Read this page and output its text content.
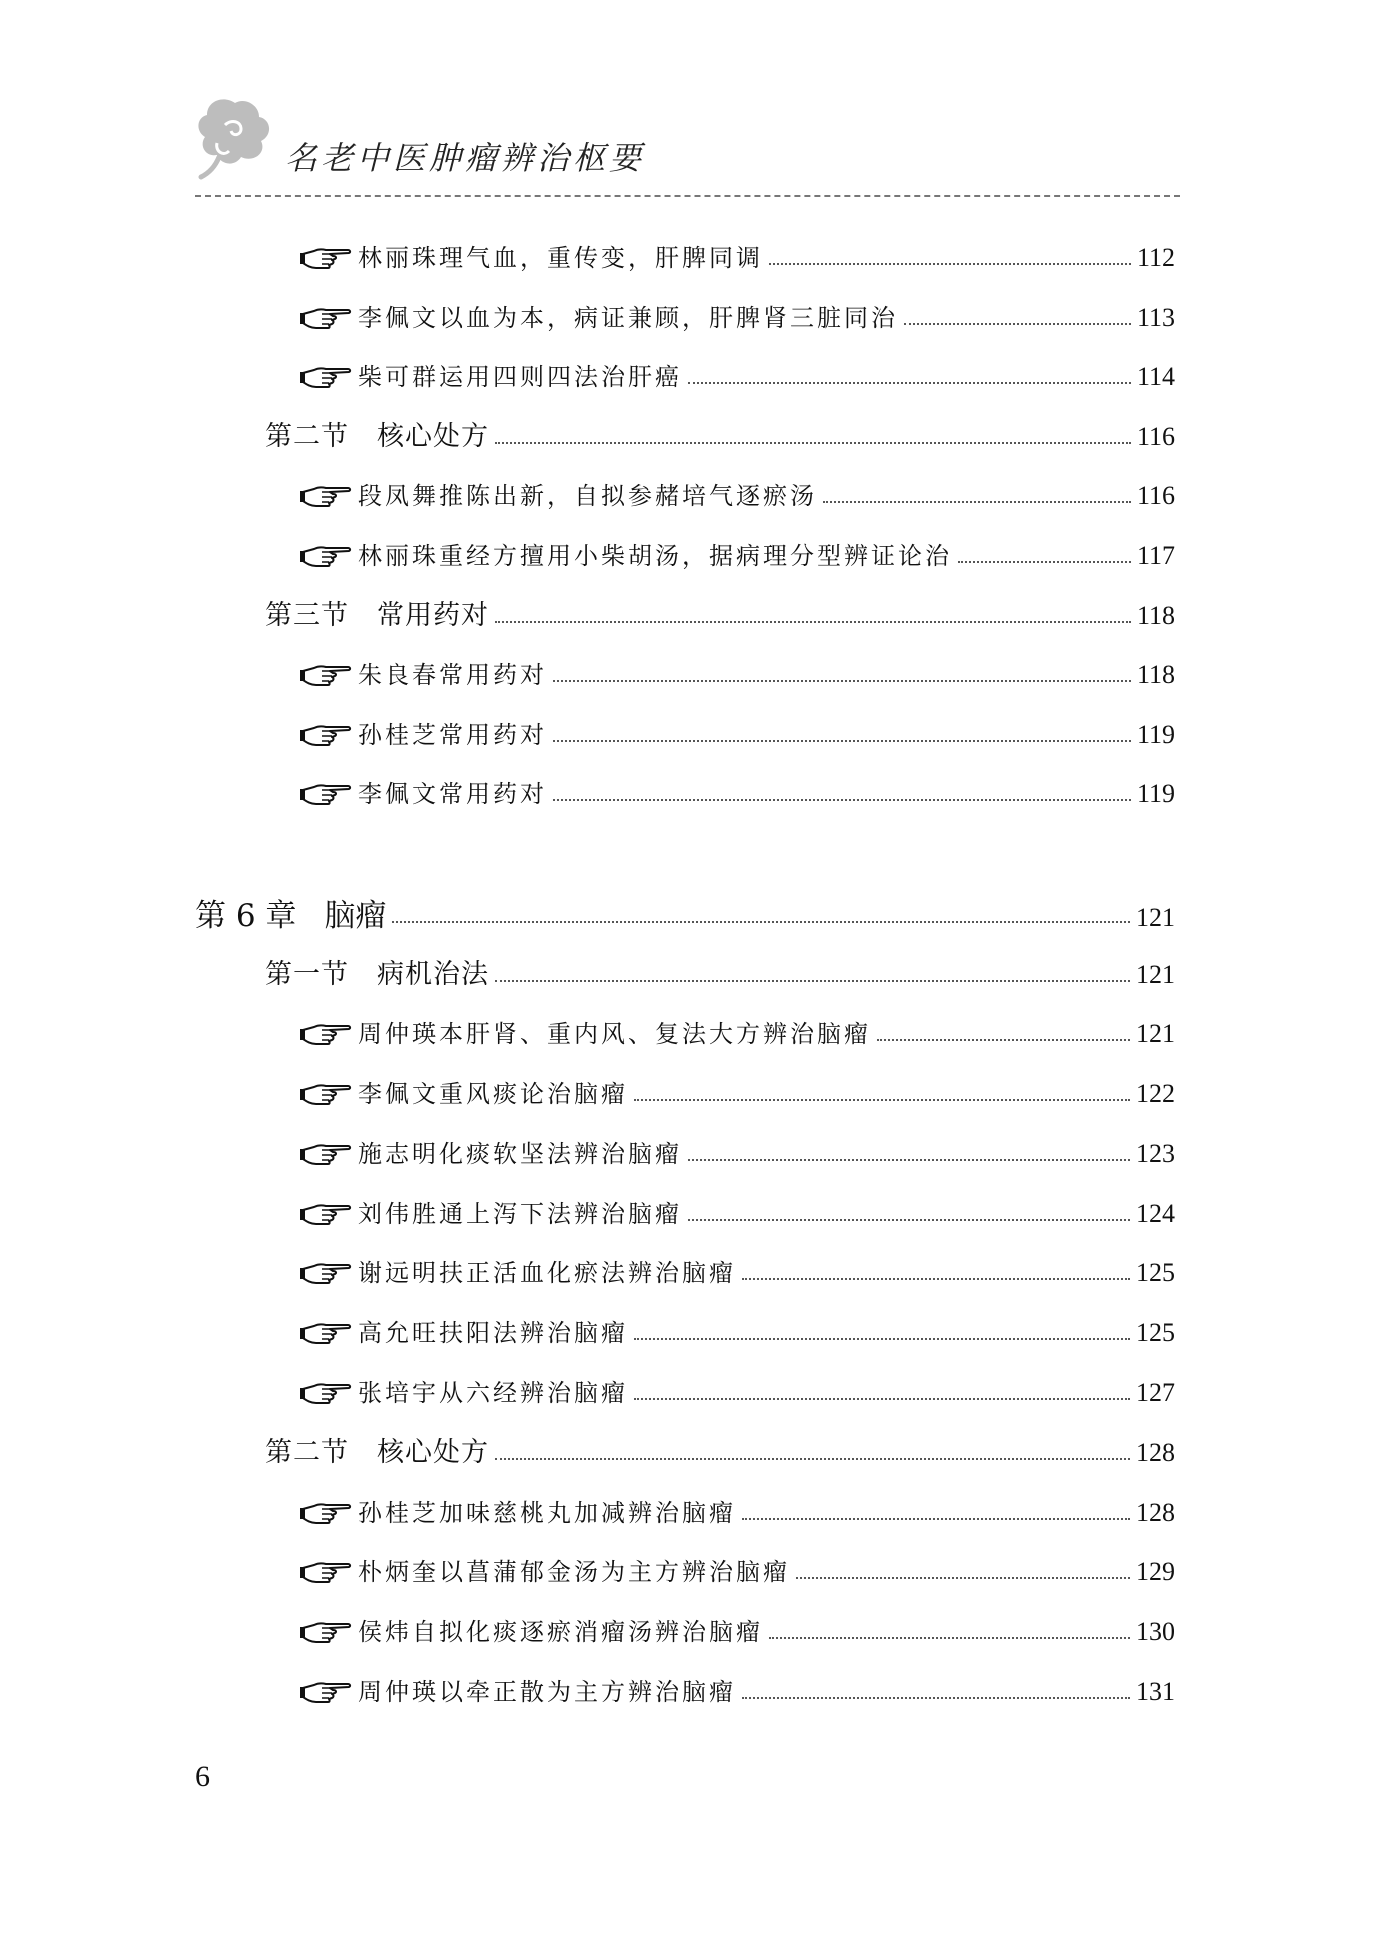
名老中医肿瘤辨治枢要
林丽珠理气血，重传变，肝脾同调	112
李佩文以血为本，病证兼顾，肝脾肾三脏同治	113
柴可群运用四则四法治肝癌	114
第二节 核心处方	116
段凤舞推陈出新，自拟参赭培气逐瘀汤	116
林丽珠重经方擅用小柴胡汤，据病理分型辨证论治	117
第三节 常用药对	118
朱良春常用药对	118
孙桂芝常用药对	119
李佩文常用药对	119
第 6 章 脑瘤	121
第一节 病机治法	121
周仲瑛本肝肾、重内风、复法大方辨治脑瘤	121
李佩文重风痰论治脑瘤	122
施志明化痰软坚法辨治脑瘤	123
刘伟胜通上泻下法辨治脑瘤	124
谢远明扶正活血化瘀法辨治脑瘤	125
高允旺扶阳法辨治脑瘤	125
张培宇从六经辨治脑瘤	127
第二节 核心处方	128
孙桂芝加味慈桃丸加减辨治脑瘤	128
朴炳奎以菖蒲郁金汤为主方辨治脑瘤	129
侯炜自拟化痰逐瘀消瘤汤辨治脑瘤	130
周仲瑛以牵正散为主方辨治脑瘤	131
6
